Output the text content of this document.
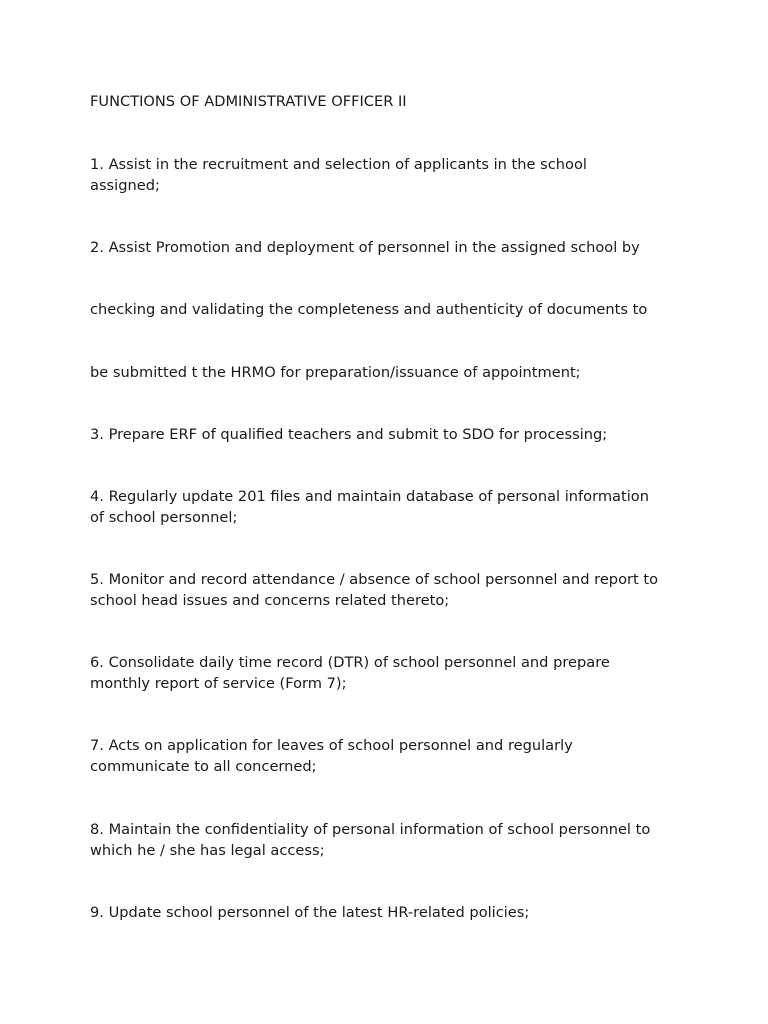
FUNCTIONS OF ADMINISTRATIVE OFFICER II
1. Assist in the recruitment and selection of applicants in the school
assigned;
2. Assist Promotion and deployment of personnel in the assigned school by
checking and validating the completeness and authenticity of documents to
be submitted t the HRMO for preparation/issuance of appointment;
3. Prepare ERF of qualified teachers and submit to SDO for processing;
4. Regularly update 201 files and maintain database of personal information
of school personnel;
5. Monitor and record attendance / absence of school personnel and report to
school head issues and concerns related thereto;
6. Consolidate daily time record (DTR) of school personnel and prepare
monthly report of service (Form 7);
7. Acts on application for leaves of school personnel and regularly
communicate to all concerned;
8. Maintain the confidentiality of personal information of school personnel to
which he / she has legal access;
9. Update school personnel of the latest HR-related policies;
